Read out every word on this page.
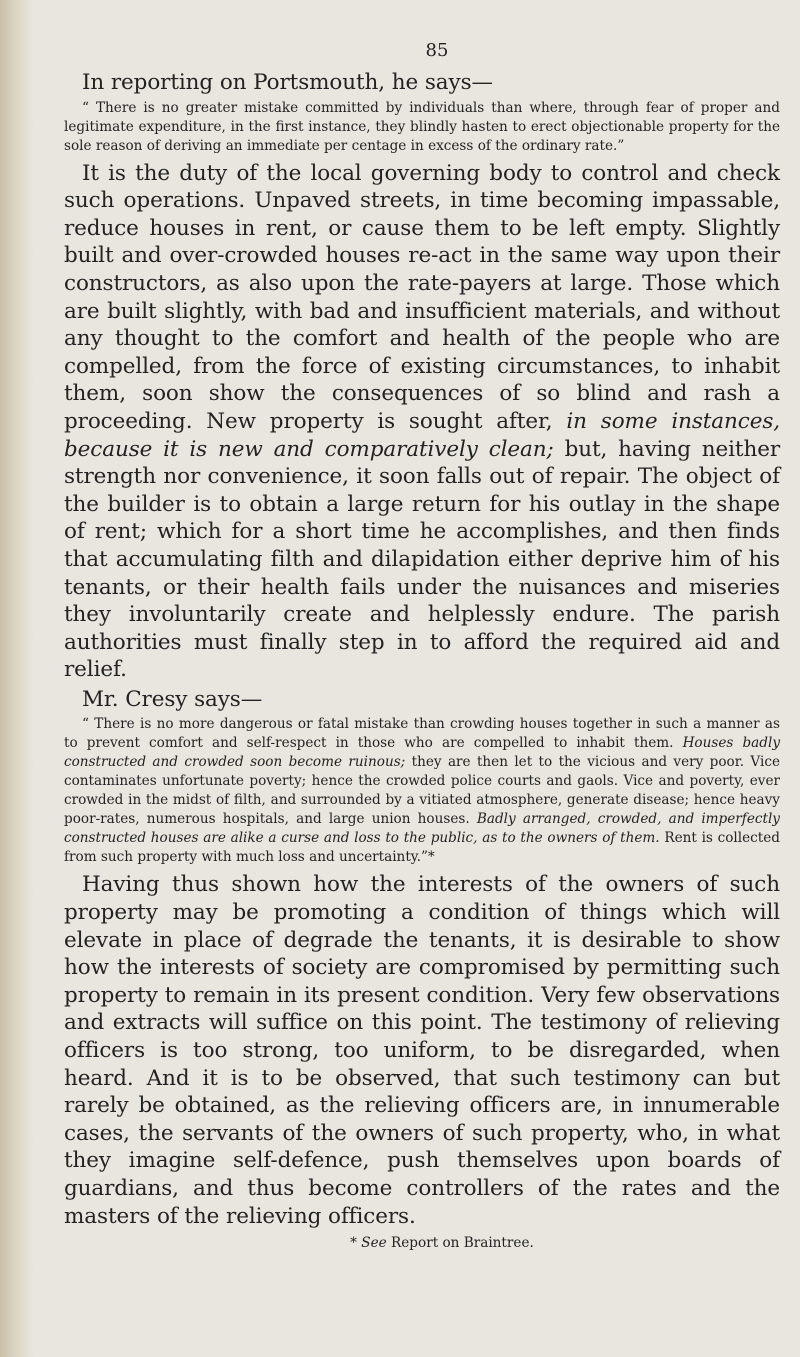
85

In reporting on Portsmouth, he says—

“ There is no greater mistake committed by individuals than where, through fear of proper and legitimate expenditure, in the first instance, they blindly hasten to erect objectionable property for the sole reason of deriving an immediate per centage in excess of the ordinary rate.”

It is the duty of the local governing body to control and check such operations. Unpaved streets, in time becoming impassable, reduce houses in rent, or cause them to be left empty. Slightly built and over-crowded houses re-act in the same way upon their constructors, as also upon the rate-payers at large. Those which are built slightly, with bad and insufficient materials, and without any thought to the comfort and health of the people who are compelled, from the force of existing circumstances, to inhabit them, soon show the consequences of so blind and rash a proceeding. New property is sought after, in some instances, because it is new and comparatively clean; but, having neither strength nor convenience, it soon falls out of repair. The object of the builder is to obtain a large return for his outlay in the shape of rent; which for a short time he accomplishes, and then finds that accumulating filth and dilapidation either deprive him of his tenants, or their health fails under the nuisances and miseries they involuntarily create and helplessly endure. The parish authorities must finally step in to afford the required aid and relief.

Mr. Cresy says—

“ There is no more dangerous or fatal mistake than crowding houses together in such a manner as to prevent comfort and self-respect in those who are compelled to inhabit them. Houses badly constructed and crowded soon become ruinous; they are then let to the vicious and very poor. Vice contaminates unfortunate poverty; hence the crowded police courts and gaols. Vice and poverty, ever crowded in the midst of filth, and surrounded by a vitiated atmosphere, generate disease; hence heavy poor-rates, numerous hospitals, and large union houses. Badly arranged, crowded, and imperfectly constructed houses are alike a curse and loss to the public, as to the owners of them. Rent is collected from such property with much loss and uncertainty.”*

Having thus shown how the interests of the owners of such property may be promoting a condition of things which will elevate in place of degrade the tenants, it is desirable to show how the interests of society are compromised by permitting such property to remain in its present condition. Very few observations and extracts will suffice on this point. The testimony of relieving officers is too strong, too uniform, to be disregarded, when heard. And it is to be observed, that such testimony can but rarely be obtained, as the relieving officers are, in innumerable cases, the servants of the owners of such property, who, in what they imagine self-defence, push themselves upon boards of guardians, and thus become controllers of the rates and the masters of the relieving officers.

* See Report on Braintree.
